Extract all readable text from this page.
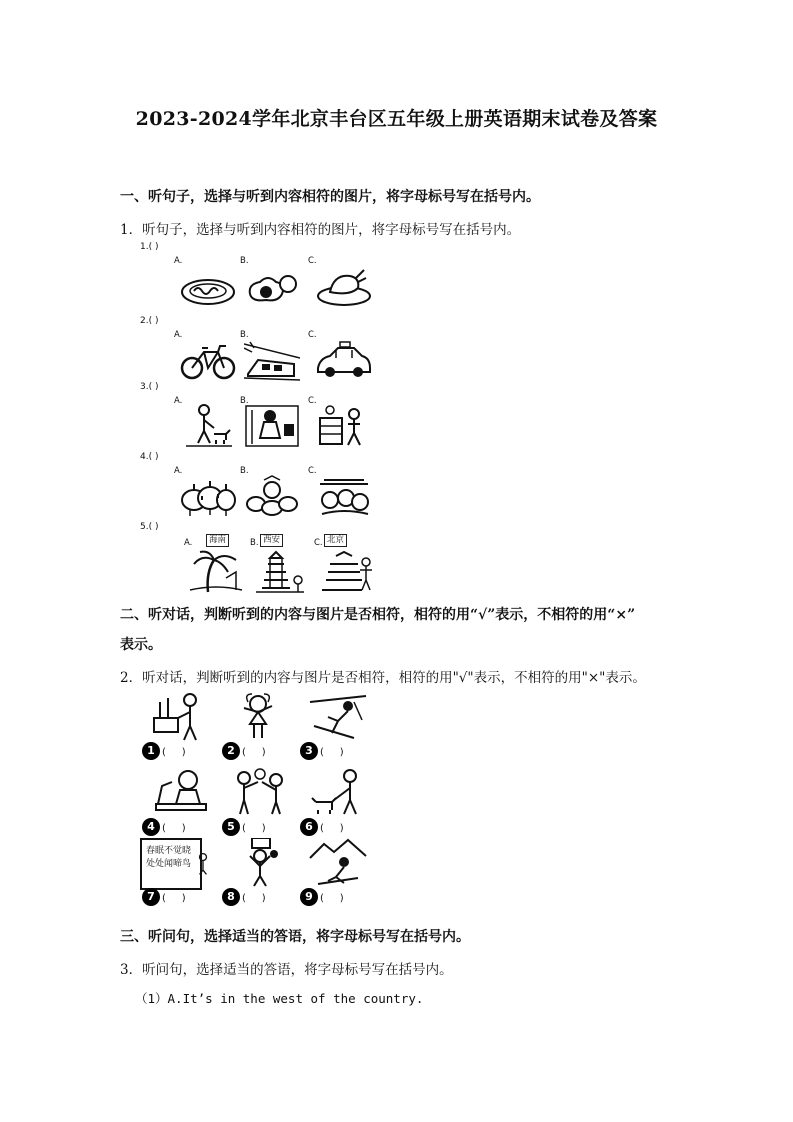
2023-2024学年北京丰台区五年级上册英语期末试卷及答案
一、听句子，选择与听到内容相符的图片，将字母标号写在括号内。
1．听句子，选择与听到内容相符的图片，将字母标号写在括号内。
1.( )
A.	B.	C.
2.( )
A.	B.	C.
3.( )
A.	B.	C.
4.( )
A.	B.	C.
5.( )
A.	B.	C.
海南	西安	北京
二、听对话，判断听到的内容与图片是否相符，相符的用“√”表示，不相符的用“×”
表示。
2．听对话，判断听到的内容与图片是否相符，相符的用"√"表示，不相符的用"×"表示。
1 (     )	2 (     )	3 (     )
4 (     )	5 (     )	6 (     )
春眠不觉晓
处处闻啼鸟
7 (     )	8 (     )	9 (     )
三、听问句，选择适当的答语，将字母标号写在括号内。
3．听问句，选择适当的答语，将字母标号写在括号内。
（1）A.It’s in the west of the country.
